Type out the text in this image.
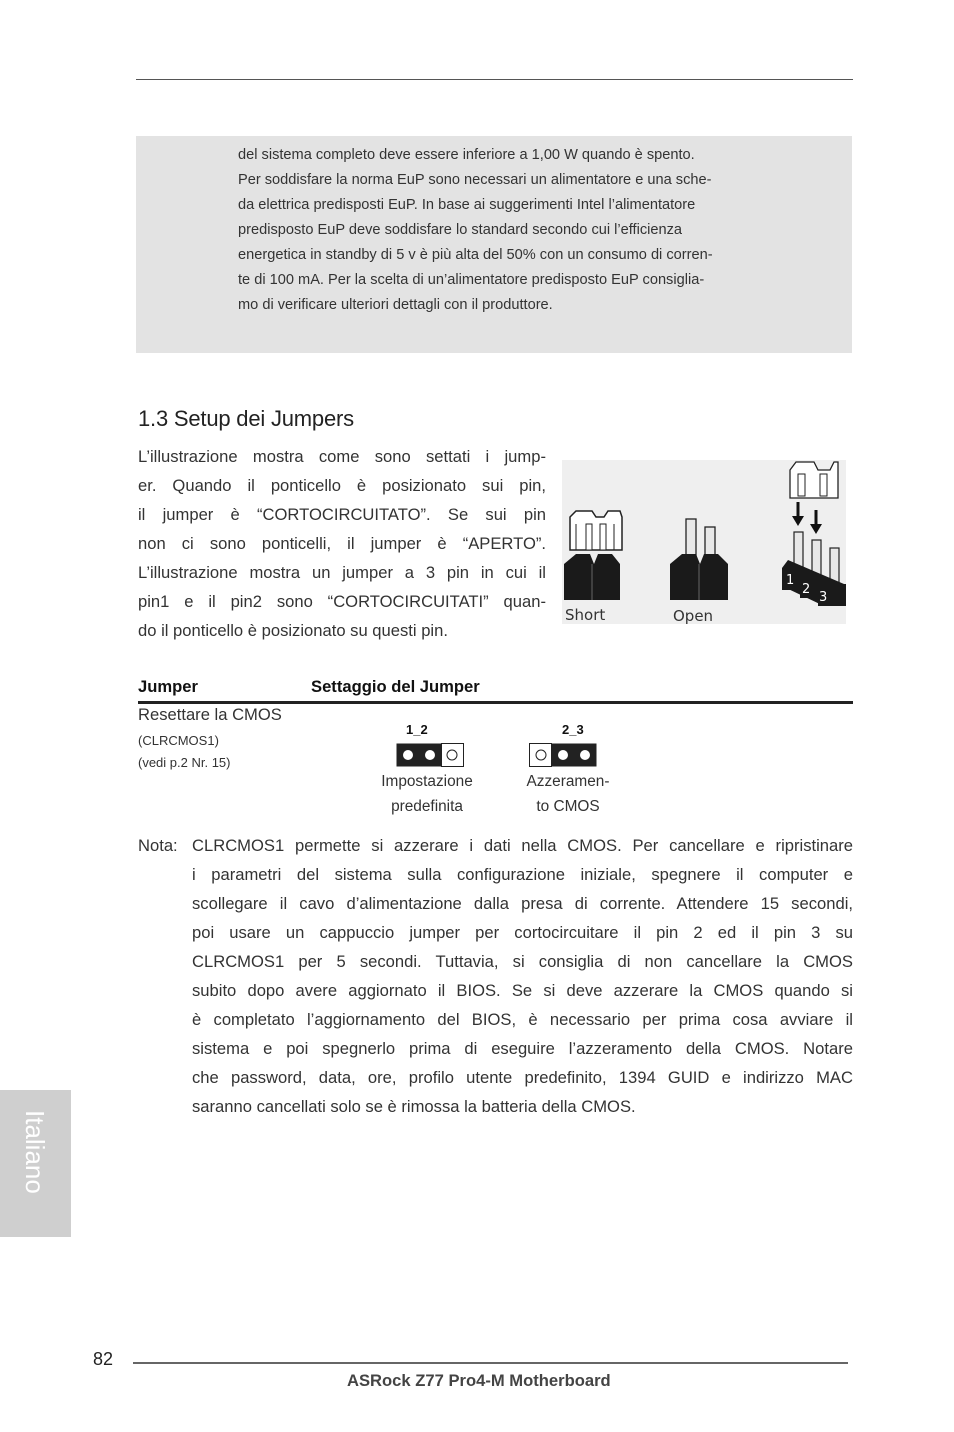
del sistema completo deve essere inferiore a 1,00 W quando è spento.
Per soddisfare la norma EuP sono necessari un alimentatore e una sche-
da elettrica predisposti EuP. In base ai suggerimenti Intel l’alimentatore
predisposto EuP deve soddisfare lo standard secondo cui l’efficienza
energetica in standby di 5 v è più alta del 50% con un consumo di corren-
te di 100 mA. Per la scelta di un’alimentatore predisposto EuP consiglia-
mo di verificare ulteriori dettagli con il produttore.

1.3 Setup dei Jumpers

L’illustrazione mostra come sono settati i jump-
er. Quando il ponticello è posizionato sui pin,
il jumper è “CORTOCIRCUITATO”. Se sui pin
non ci sono ponticelli, il jumper è “APERTO”.
L’illustrazione mostra un jumper a 3 pin in cui il
pin1 e il pin2 sono “CORTOCIRCUITATI” quan-
do il ponticello è posizionato su questi pin.

Short	Open
1
2
3
Jumper	Settaggio del Jumper
Resettare la CMOS
(CLRCMOS1)
(vedi p.2 Nr. 15)
1_2
Impostazione
predefinita
2_3
Azzeramen-
to CMOS

Nota: CLRCMOS1 permette si azzerare i dati nella CMOS. Per cancellare e ripristinare
i parametri del sistema sulla configurazione iniziale, spegnere il computer e
scollegare il cavo d’alimentazione dalla presa di corrente. Attendere 15 secondi,
poi usare un cappuccio jumper per cortocircuitare il pin 2 ed il pin 3 su
CLRCMOS1 per 5 secondi. Tuttavia, si consiglia di non cancellare la CMOS
subito dopo avere aggiornato il BIOS. Se si deve azzerare la CMOS quando si
è completato l’aggiornamento del BIOS, è necessario per prima cosa avviare il
sistema e poi spegnerlo prima di eseguire l’azzeramento della CMOS. Notare
che password, data, ore, profilo utente predefinito, 1394 GUID e indirizzo MAC
saranno cancellati solo se è rimossa la batteria della CMOS.

Italiano
82
ASRock Z77 Pro4-M Motherboard
